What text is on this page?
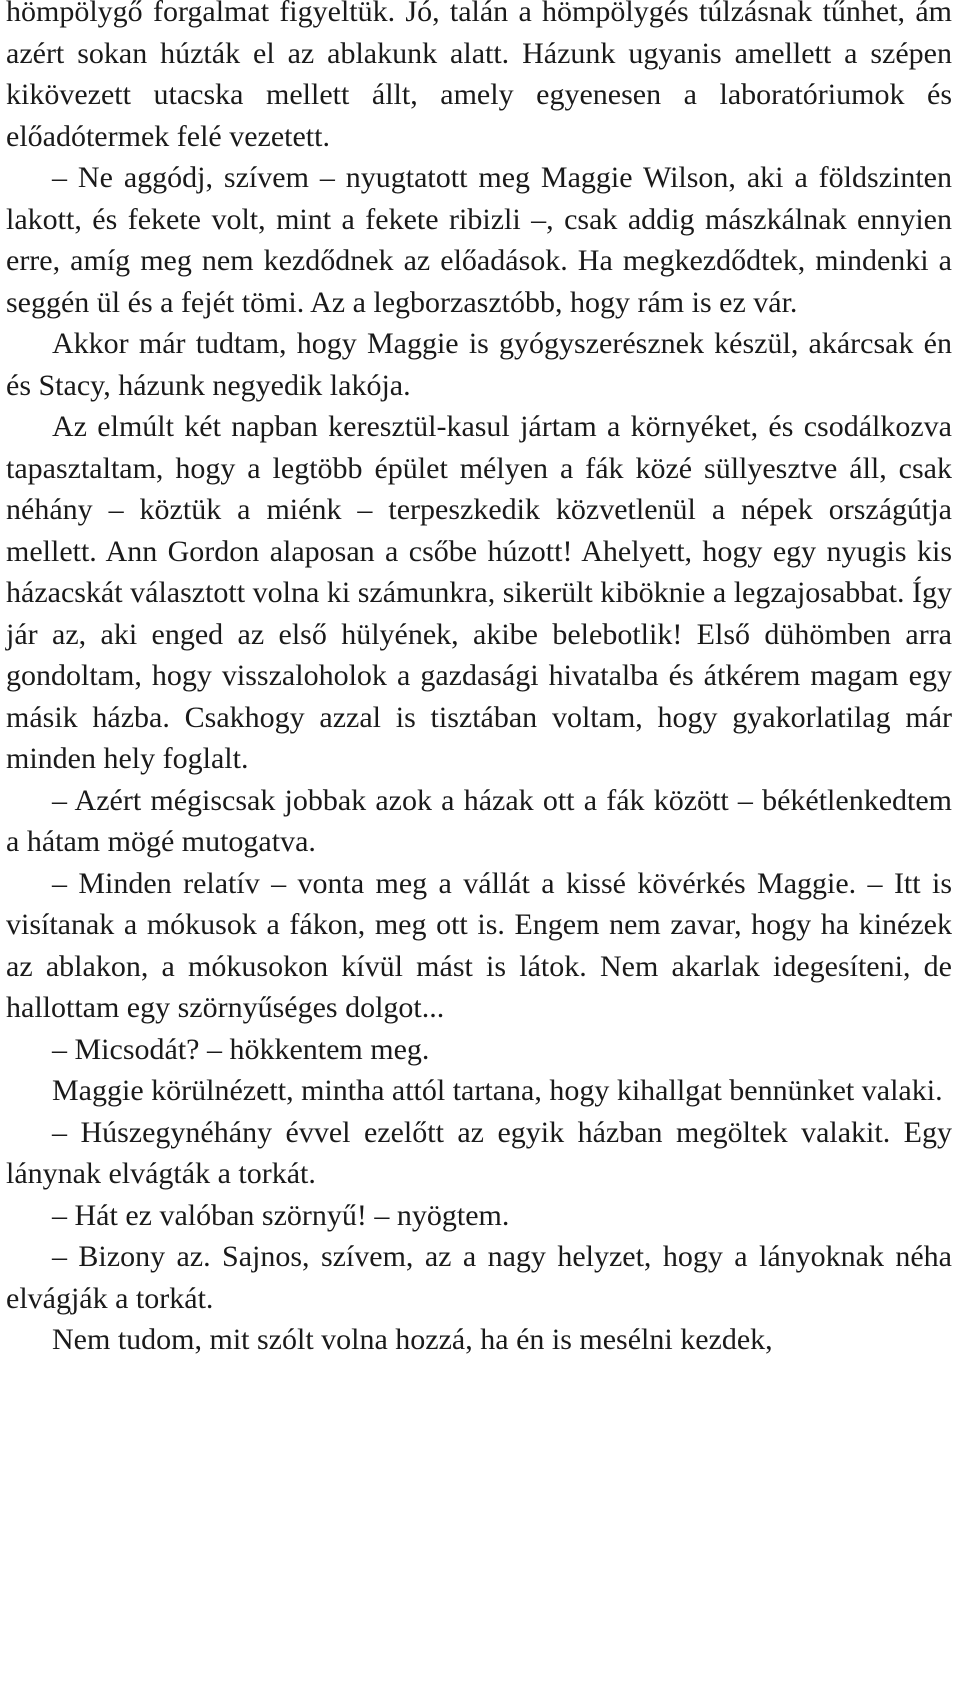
hömpölygő forgalmat figyeltük. Jó, talán a hömpölygés túlzásnak tűnhet, ám azért sokan húzták el az ablakunk alatt. Házunk ugyanis amellett a szépen kikövezett utacska mellett állt, amely egyenesen a laboratóriumok és előadótermek felé vezetett.

– Ne aggódj, szívem – nyugtatott meg Maggie Wilson, aki a földszinten lakott, és fekete volt, mint a fekete ribizli –, csak addig mászkálnak ennyien erre, amíg meg nem kezdődnek az előadások. Ha megkezdődtek, mindenki a seggén ül és a fejét tömi. Az a legborzasztóbb, hogy rám is ez vár.

Akkor már tudtam, hogy Maggie is gyógyszerésznek készül, akárcsak én és Stacy, házunk negyedik lakója.

Az elmúlt két napban keresztül-kasul jártam a környéket, és csodálkozva tapasztaltam, hogy a legtöbb épület mélyen a fák közé süllyesztve áll, csak néhány – köztük a miénk – terpeszkedik közvetlenül a népek országútja mellett. Ann Gordon alaposan a csőbe húzott! Ahelyett, hogy egy nyugis kis házacskát választott volna ki számunkra, sikerült kiböknie a legzajosabbat. Így jár az, aki enged az első hülyének, akibe belebotlik! Első dühömben arra gondoltam, hogy visszaloholok a gazdasági hivatalba és átkérem magam egy másik házba. Csakhogy azzal is tisztában voltam, hogy gyakorlatilag már minden hely foglalt.

– Azért mégiscsak jobbak azok a házak ott a fák között – békétlenkedtem a hátam mögé mutogatva.

– Minden relatív – vonta meg a vállát a kissé kövérkés Maggie. – Itt is visítanak a mókusok a fákon, meg ott is. Engem nem zavar, hogy ha kinézek az ablakon, a mókusokon kívül mást is látok. Nem akarlak idegesíteni, de hallottam egy szörnyűséges dolgot...

– Micsodát? – hökkentem meg.

Maggie körülnézett, mintha attól tartana, hogy kihallgat bennünket valaki.

– Húszegynéhány évvel ezelőtt az egyik házban megöltek valakit. Egy lánynak elvágták a torkát.

– Hát ez valóban szörnyű! – nyögtem.

– Bizony az. Sajnos, szívem, az a nagy helyzet, hogy a lányoknak néha elvágják a torkát.

Nem tudom, mit szólt volna hozzá, ha én is mesélni kezdek,
